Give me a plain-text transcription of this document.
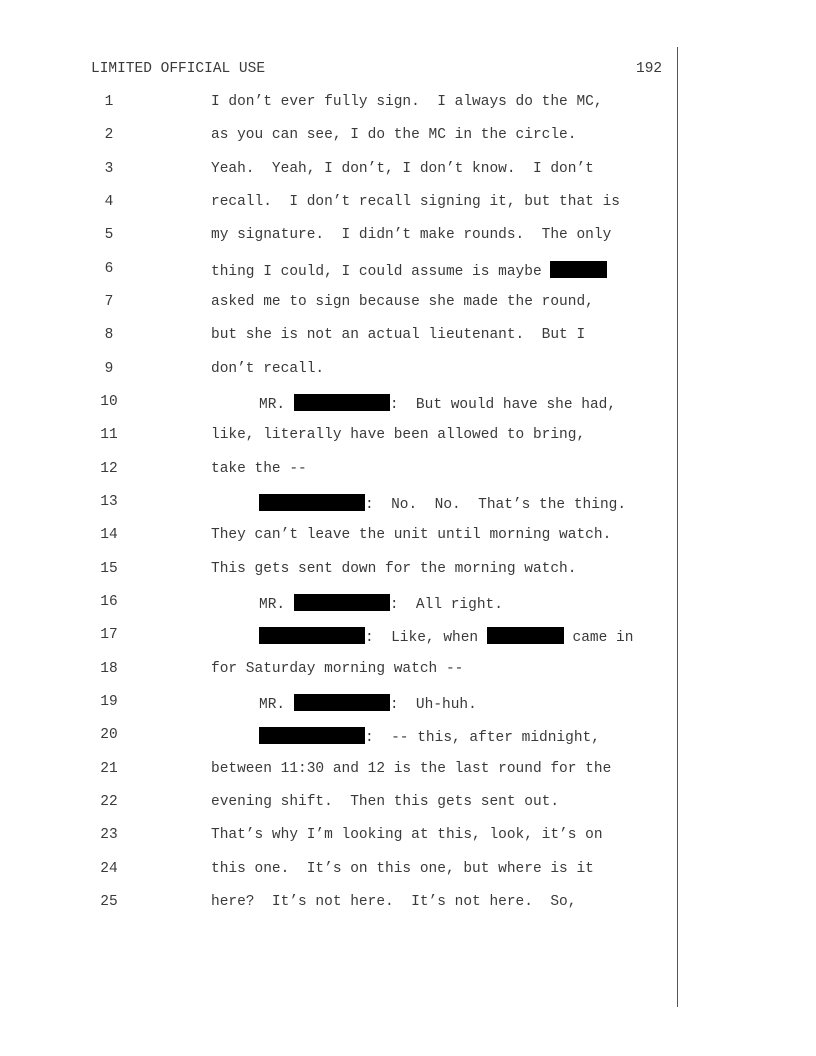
LIMITED OFFICIAL USE	192
1	I don’t ever fully sign.  I always do the MC,
2	as you can see, I do the MC in the circle.
3	Yeah.  Yeah, I don’t, I don’t know.  I don’t
4	recall.  I don’t recall signing it, but that is
5	my signature.  I didn’t make rounds.  The only
6	thing I could, I could assume is maybe
7	asked me to sign because she made the round,
8	but she is not an actual lieutenant.  But I
9	don’t recall.
10	MR.	:  But would have she had,
11	like, literally have been allowed to bring,
12	take the --
13	:  No.  No.  That’s the thing.
14	They can’t leave the unit until morning watch.
15	This gets sent down for the morning watch.
16	MR.	:  All right.
17	:  Like, when	came in
18	for Saturday morning watch --
19	MR.	:  Uh-huh.
20	:  -- this, after midnight,
21	between 11:30 and 12 is the last round for the
22	evening shift.  Then this gets sent out.
23	That’s why I’m looking at this, look, it’s on
24	this one.  It’s on this one, but where is it
25	here?  It’s not here.  It’s not here.  So,
